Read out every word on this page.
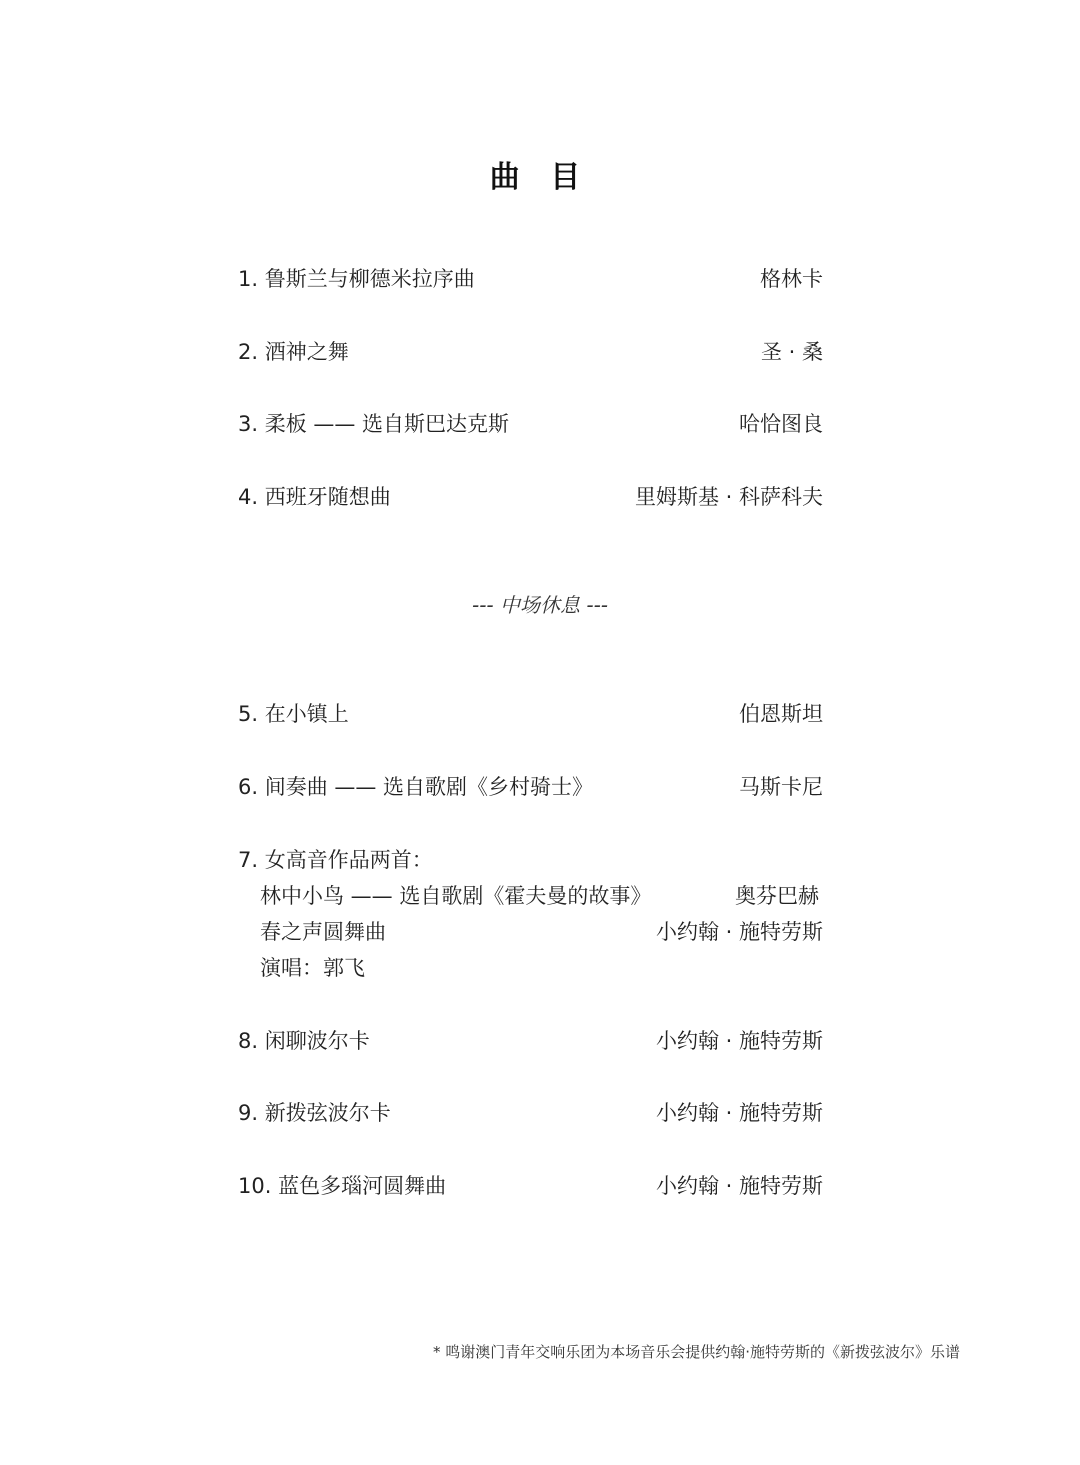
曲 目
1. 鲁斯兰与柳德米拉序曲	格林卡
2. 酒神之舞	圣 · 桑
3. 柔板 —— 选自斯巴达克斯	哈恰图良
4. 西班牙随想曲	里姆斯基 · 科萨科夫
--- 中场休息 ---
5. 在小镇上	伯恩斯坦
6. 间奏曲 —— 选自歌剧《乡村骑士》	马斯卡尼
7. 女高音作品两首：
林中小鸟 —— 选自歌剧《霍夫曼的故事》	奥芬巴赫
春之声圆舞曲	小约翰 · 施特劳斯
演唱：郭飞
8. 闲聊波尔卡	小约翰 · 施特劳斯
9. 新拨弦波尔卡	小约翰 · 施特劳斯
10. 蓝色多瑙河圆舞曲	小约翰 · 施特劳斯
* 鸣谢澳门青年交响乐团为本场音乐会提供约翰·施特劳斯的《新拨弦波尔》乐谱
